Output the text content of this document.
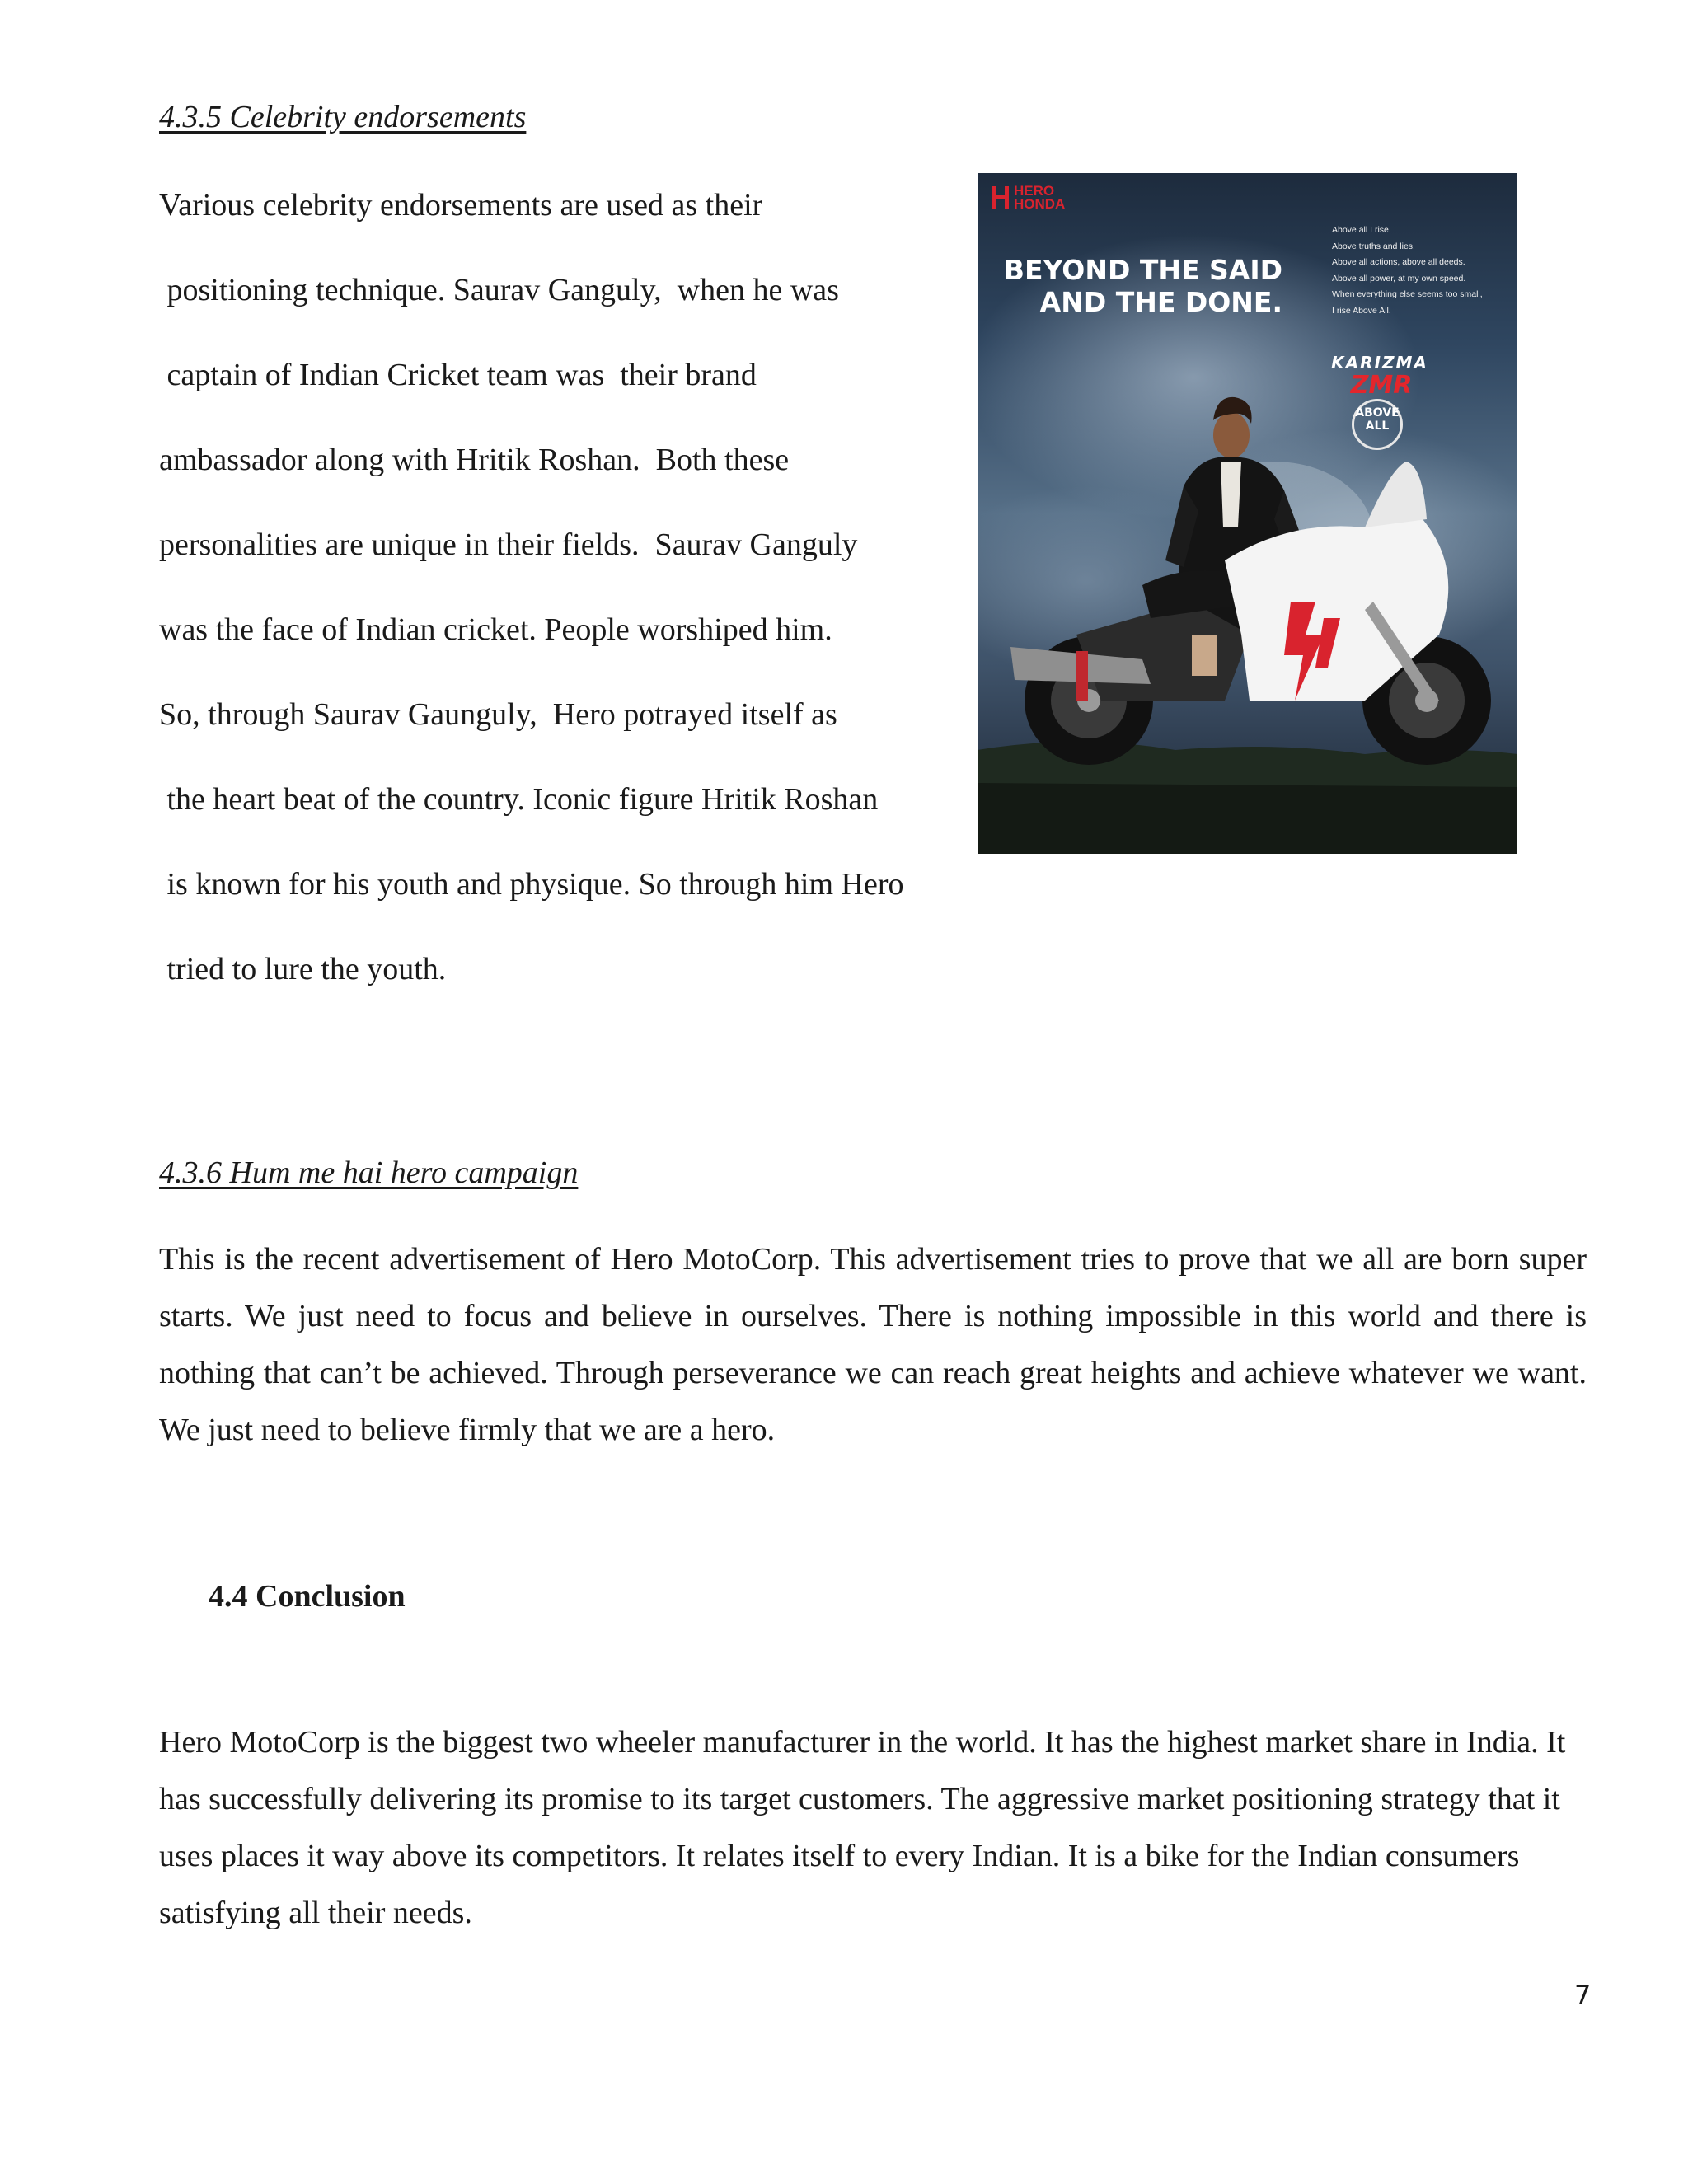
4.3.5 Celebrity endorsements

Various celebrity endorsements are used as their

positioning technique. Saurav Ganguly,  when he was

captain of Indian Cricket team was  their brand

ambassador along with Hritik Roshan.  Both these

personalities are unique in their fields.  Saurav Ganguly

was the face of Indian cricket. People worshiped him.

So, through Saurav Gaunguly,  Hero potrayed itself as

the heart beat of the country. Iconic figure Hritik Roshan

is known for his youth and physique. So through him Hero

tried to lure the youth.

HERO
HONDA
BEYOND THE SAID
AND THE DONE.
Above all I rise.
Above truths and lies.
Above all actions, above all deeds.
Above all power, at my own speed.
When everything else seems too small,
I rise Above All.
KARIZMA
ZMR
ABOVE
ALL
4.3.6 Hum me hai hero campaign

This is the recent advertisement of Hero MotoCorp. This advertisement tries to prove that we all are born super starts. We just need to focus and believe in ourselves. There is nothing impossible in this world and there is nothing that can’t be achieved. Through perseverance we can reach great heights and achieve whatever we want. We just need to believe firmly that we are a hero.

4.4 Conclusion

Hero MotoCorp is the biggest two wheeler manufacturer in the world. It has the highest market share in India. It has successfully delivering its promise to its target customers. The aggressive market positioning strategy that it uses places it way above its competitors. It relates itself to every Indian. It is a bike for the Indian consumers satisfying all their needs.

7
